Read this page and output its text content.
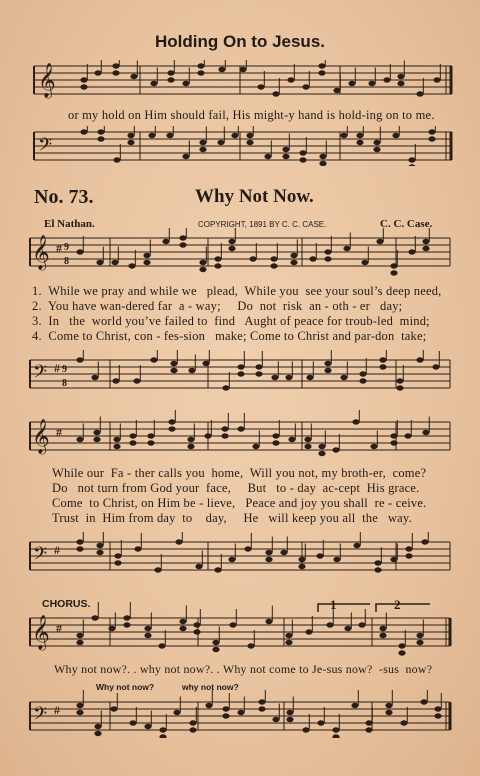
Holding On to Jesus.
𝄞
or my hold on Him should fail, His might-y hand is hold-ing on to me.
𝄢
No. 73.	Why Not Now.
El Nathan.	COPYRIGHT, 1891 BY C. C. CASE.	C. C. Case.
𝄞 # 9
8
1.  While we pray and while we   plead,  While you  see your soul’s deep need,
2.  You have wan-dered far  a - way;     Do  not  risk  an - oth - er   day;
3.  In   the  world you’ve failed to  find   Aught of peace for troub-led  mind;
4.  Come to Christ, con - fes-sion   make; Come to Christ and par-don  take;
𝄢 # 9
8
𝄞 #
While our  Fa - ther calls you  home,  Will you not, my broth-er,  come?
Do   not turn from God your  face,     But   to - day  ac-cept  His grace.
Come  to Christ, on Him be - lieve,   Peace and joy you shall  re - ceive.
Trust  in  Him from day  to    day,     He   will keep you all  the   way.
𝄢 #
CHORUS.
𝄞 #
1	2
Why not now?. . why not now?. . Why not come to Je-sus now?  -sus  now?
Why not now?	why not now?
𝄢 #
